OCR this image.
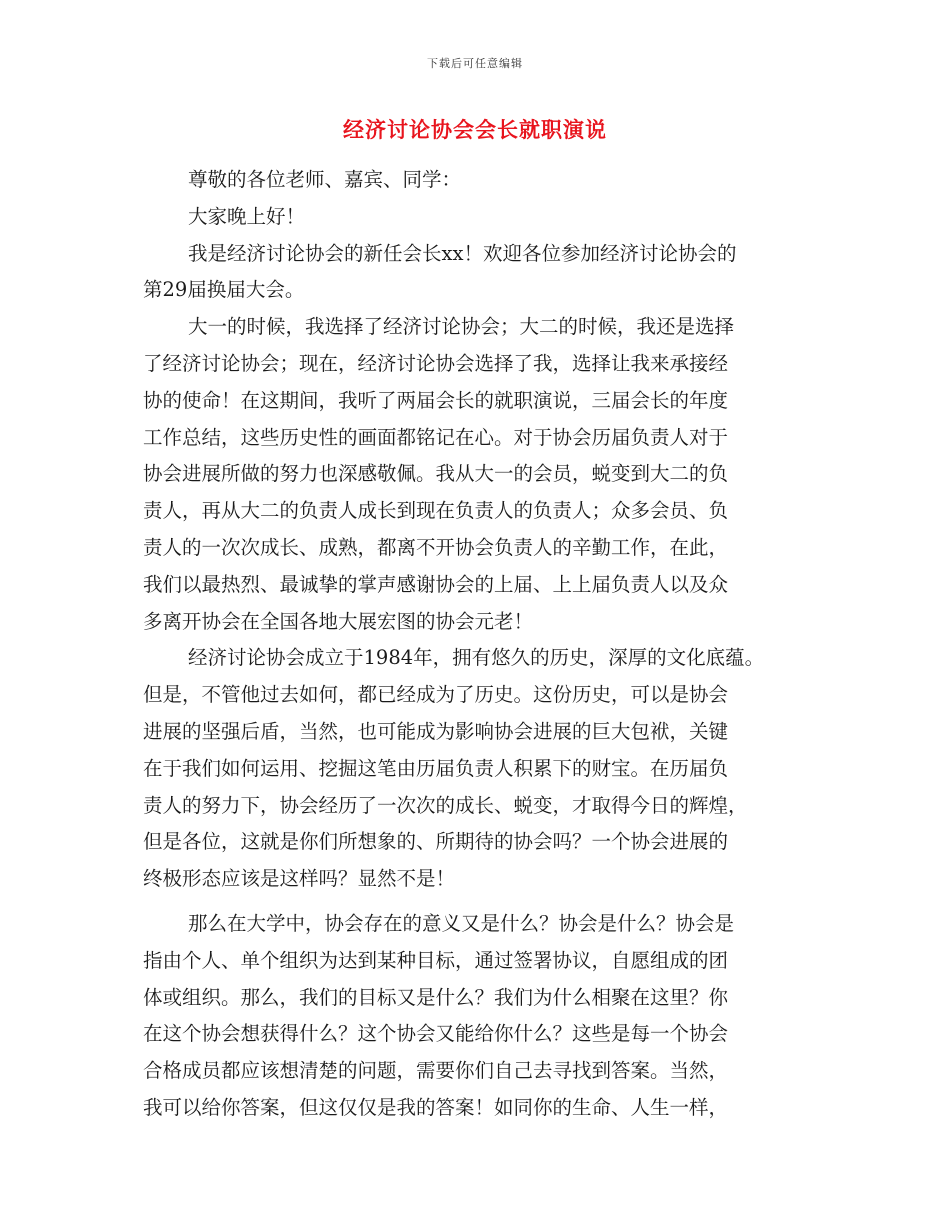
下载后可任意编辑
经济讨论协会会长就职演说

尊敬的各位老师、嘉宾、同学：

大家晚上好！

我是经济讨论协会的新任会长xx！欢迎各位参加经济讨论协会的
第29届换届大会。

大一的时候，我选择了经济讨论协会；大二的时候，我还是选择
了经济讨论协会；现在，经济讨论协会选择了我，选择让我来承接经
协的使命！在这期间，我听了两届会长的就职演说，三届会长的年度
工作总结，这些历史性的画面都铭记在心。对于协会历届负责人对于
协会进展所做的努力也深感敬佩。我从大一的会员，蜕变到大二的负
责人，再从大二的负责人成长到现在负责人的负责人；众多会员、负
责人的一次次成长、成熟，都离不开协会负责人的辛勤工作，在此，
我们以最热烈、最诚挚的掌声感谢协会的上届、上上届负责人以及众
多离开协会在全国各地大展宏图的协会元老！

经济讨论协会成立于1984年，拥有悠久的历史，深厚的文化底蕴。
但是，不管他过去如何，都已经成为了历史。这份历史，可以是协会
进展的坚强后盾，当然，也可能成为影响协会进展的巨大包袱，关键
在于我们如何运用、挖掘这笔由历届负责人积累下的财宝。在历届负
责人的努力下，协会经历了一次次的成长、蜕变，才取得今日的辉煌，
但是各位，这就是你们所想象的、所期待的协会吗？一个协会进展的
终极形态应该是这样吗？显然不是！

那么在大学中，协会存在的意义又是什么？协会是什么？协会是
指由个人、单个组织为达到某种目标，通过签署协议，自愿组成的团
体或组织。那么，我们的目标又是什么？我们为什么相聚在这里？你
在这个协会想获得什么？这个协会又能给你什么？这些是每一个协会
合格成员都应该想清楚的问题，需要你们自己去寻找到答案。当然，
我可以给你答案，但这仅仅是我的答案！如同你的生命、人生一样，
